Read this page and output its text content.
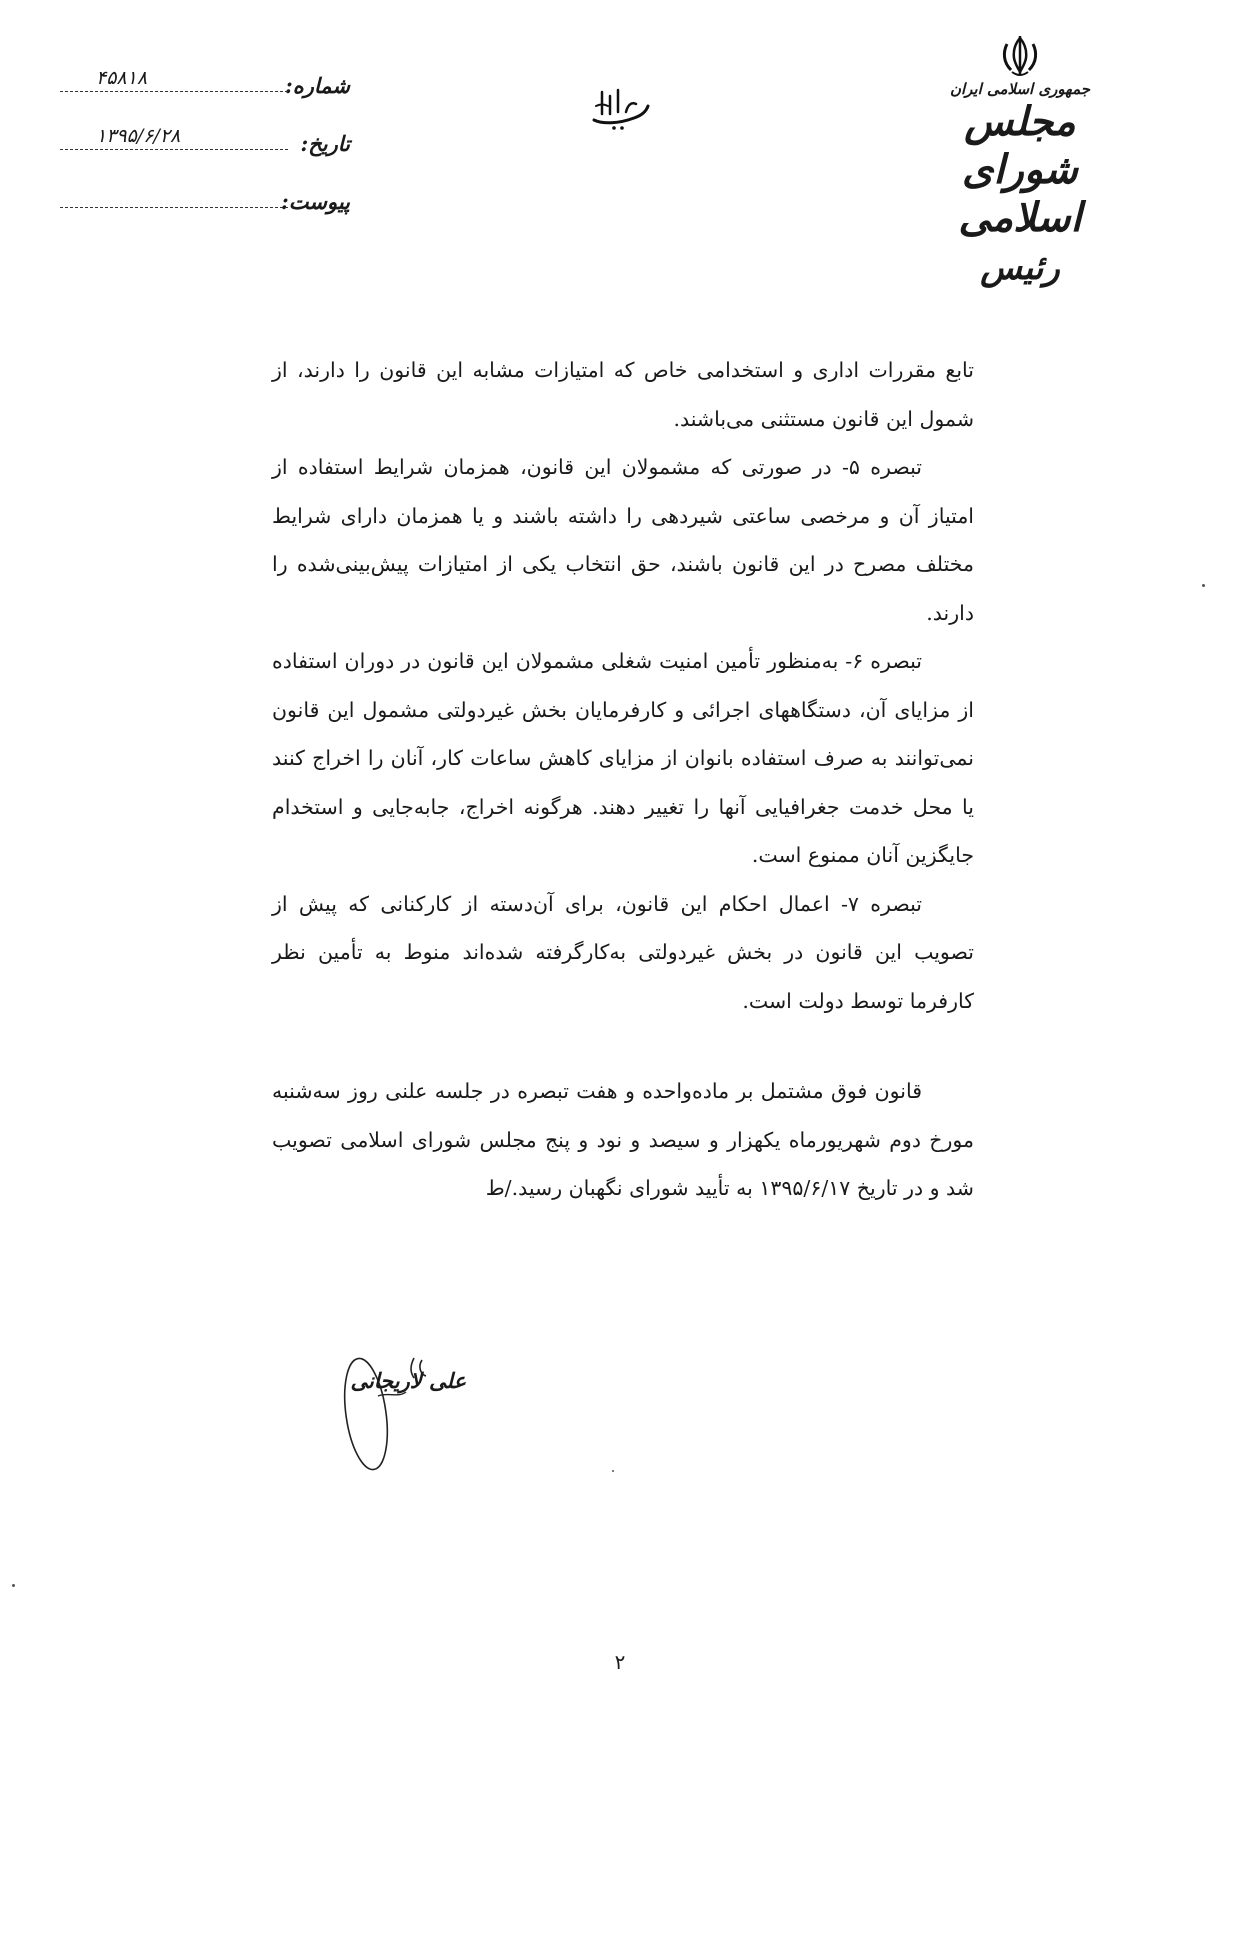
جمهوری اسلامی ایران
مجلس شورای اسلامی
رئیس
شماره:
۴۵۸۱۸
تاریخ:
۱۳۹۵/۶/۲۸
پیوست:

تابع مقررات اداری و استخدامی خاص که امتیازات مشابه این قانون را دارند، از شمول این قانون مستثنی می‌باشند.

تبصره ۵- در صورتی که مشمولان این قانون، همزمان شرایط استفاده از امتیاز آن و مرخصی ساعتی شیردهی را داشته باشند و یا همزمان دارای شرایط مختلف مصرح در این قانون باشند، حق انتخاب یکی از امتیازات پیش‌بینی‌شده را دارند.

تبصره ۶- به‌منظور تأمین امنیت شغلی مشمولان این قانون در دوران استفاده از مزایای آن، دستگاههای اجرائی و کارفرمایان بخش غیردولتی مشمول این قانون نمی‌توانند به صرف استفاده بانوان از مزایای کاهش ساعات کار، آنان را اخراج کنند یا محل خدمت جغرافیایی آنها را تغییر دهند. هرگونه اخراج، جابه‌جایی و استخدام جایگزین آنان ممنوع است.

تبصره ۷- اعمال احکام این قانون، برای آن‌دسته از کارکنانی که پیش از تصویب این قانون در بخش غیردولتی به‌کارگرفته شده‌اند منوط به تأمین نظر کارفرما توسط دولت است.

قانون فوق مشتمل بر ماده‌واحده و هفت تبصره در جلسه علنی روز سه‌شنبه مورخ دوم شهریورماه یکهزار و سیصد و نود و پنج مجلس شورای اسلامی تصویب شد و در تاریخ ۱۳۹۵/۶/۱۷ به تأیید شورای نگهبان رسید./ط

علی لاریجانی
۲
